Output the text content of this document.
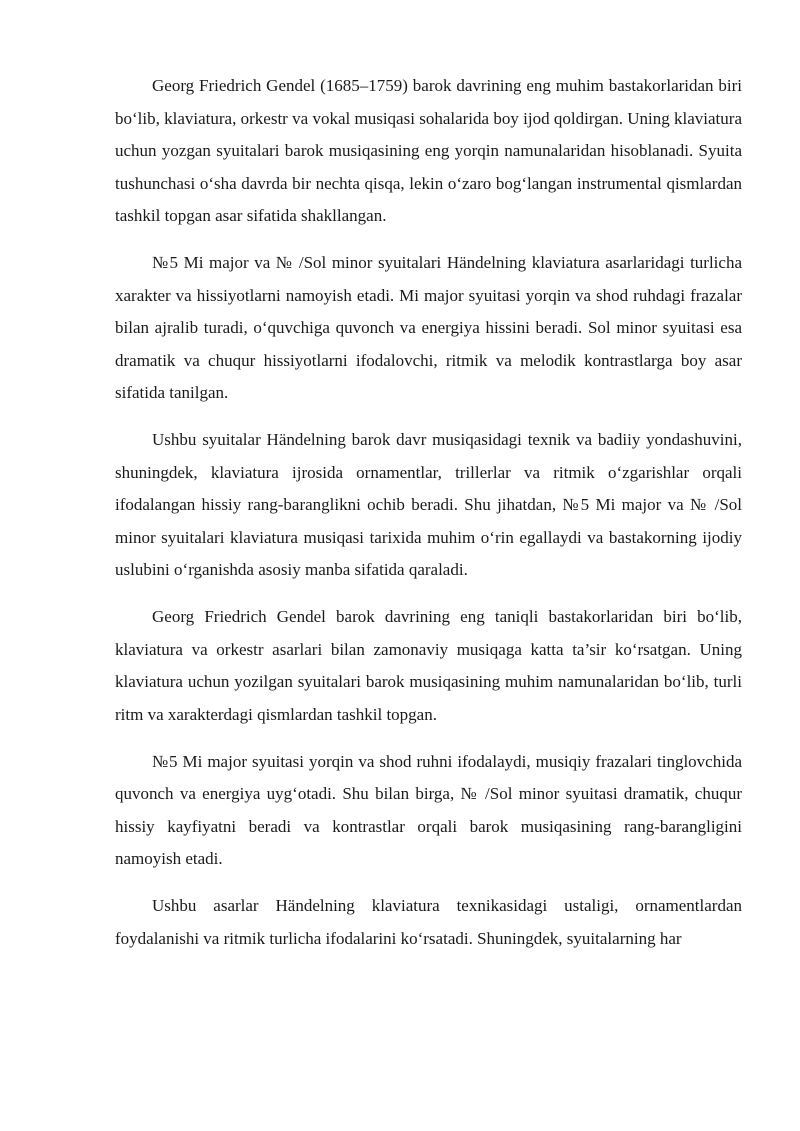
Georg Friedrich Gendel (1685–1759) barok davrining eng muhim bastakorlaridan biri bo‘lib, klaviatura, orkestr va vokal musiqasi sohalarida boy ijod qoldirgan. Uning klaviatura uchun yozgan syuitalari barok musiqasining eng yorqin namunalaridan hisoblanadi. Syuita tushunchasi o‘sha davrda bir nechta qisqa, lekin o‘zaro bog‘langan instrumental qismlardan tashkil topgan asar sifatida shakllangan.

№5 Mi major va № /Sol minor syuitalari Händelning klaviatura asarlaridagi turlicha xarakter va hissiyotlarni namoyish etadi. Mi major syuitasi yorqin va shod ruhdagi frazalar bilan ajralib turadi, o‘quvchiga quvonch va energiya hissini beradi. Sol minor syuitasi esa dramatik va chuqur hissiyotlarni ifodalovchi, ritmik va melodik kontrastlarga boy asar sifatida tanilgan.

Ushbu syuitalar Händelning barok davr musiqasidagi texnik va badiiy yondashuvini, shuningdek, klaviatura ijrosida ornamentlar, trillerlar va ritmik o‘zgarishlar orqali ifodalangan hissiy rang-baranglikni ochib beradi. Shu jihatdan, №5 Mi major va № /Sol minor syuitalari klaviatura musiqasi tarixida muhim o‘rin egallaydi va bastakorning ijodiy uslubini o‘rganishda asosiy manba sifatida qaraladi.

Georg Friedrich Gendel barok davrining eng taniqli bastakorlaridan biri bo‘lib, klaviatura va orkestr asarlari bilan zamonaviy musiqaga katta ta’sir ko‘rsatgan. Uning klaviatura uchun yozilgan syuitalari barok musiqasining muhim namunalaridan bo‘lib, turli ritm va xarakterdagi qismlardan tashkil topgan.

№5 Mi major syuitasi yorqin va shod ruhni ifodalaydi, musiqiy frazalari tinglovchida quvonch va energiya uyg‘otadi. Shu bilan birga, № /Sol minor syuitasi dramatik, chuqur hissiy kayfiyatni beradi va kontrastlar orqali barok musiqasining rang-barangligini namoyish etadi.

Ushbu asarlar Händelning klaviatura texnikasidagi ustaligi, ornamentlardan foydalanishi va ritmik turlicha ifodalarini ko‘rsatadi. Shuningdek, syuitalarning har
